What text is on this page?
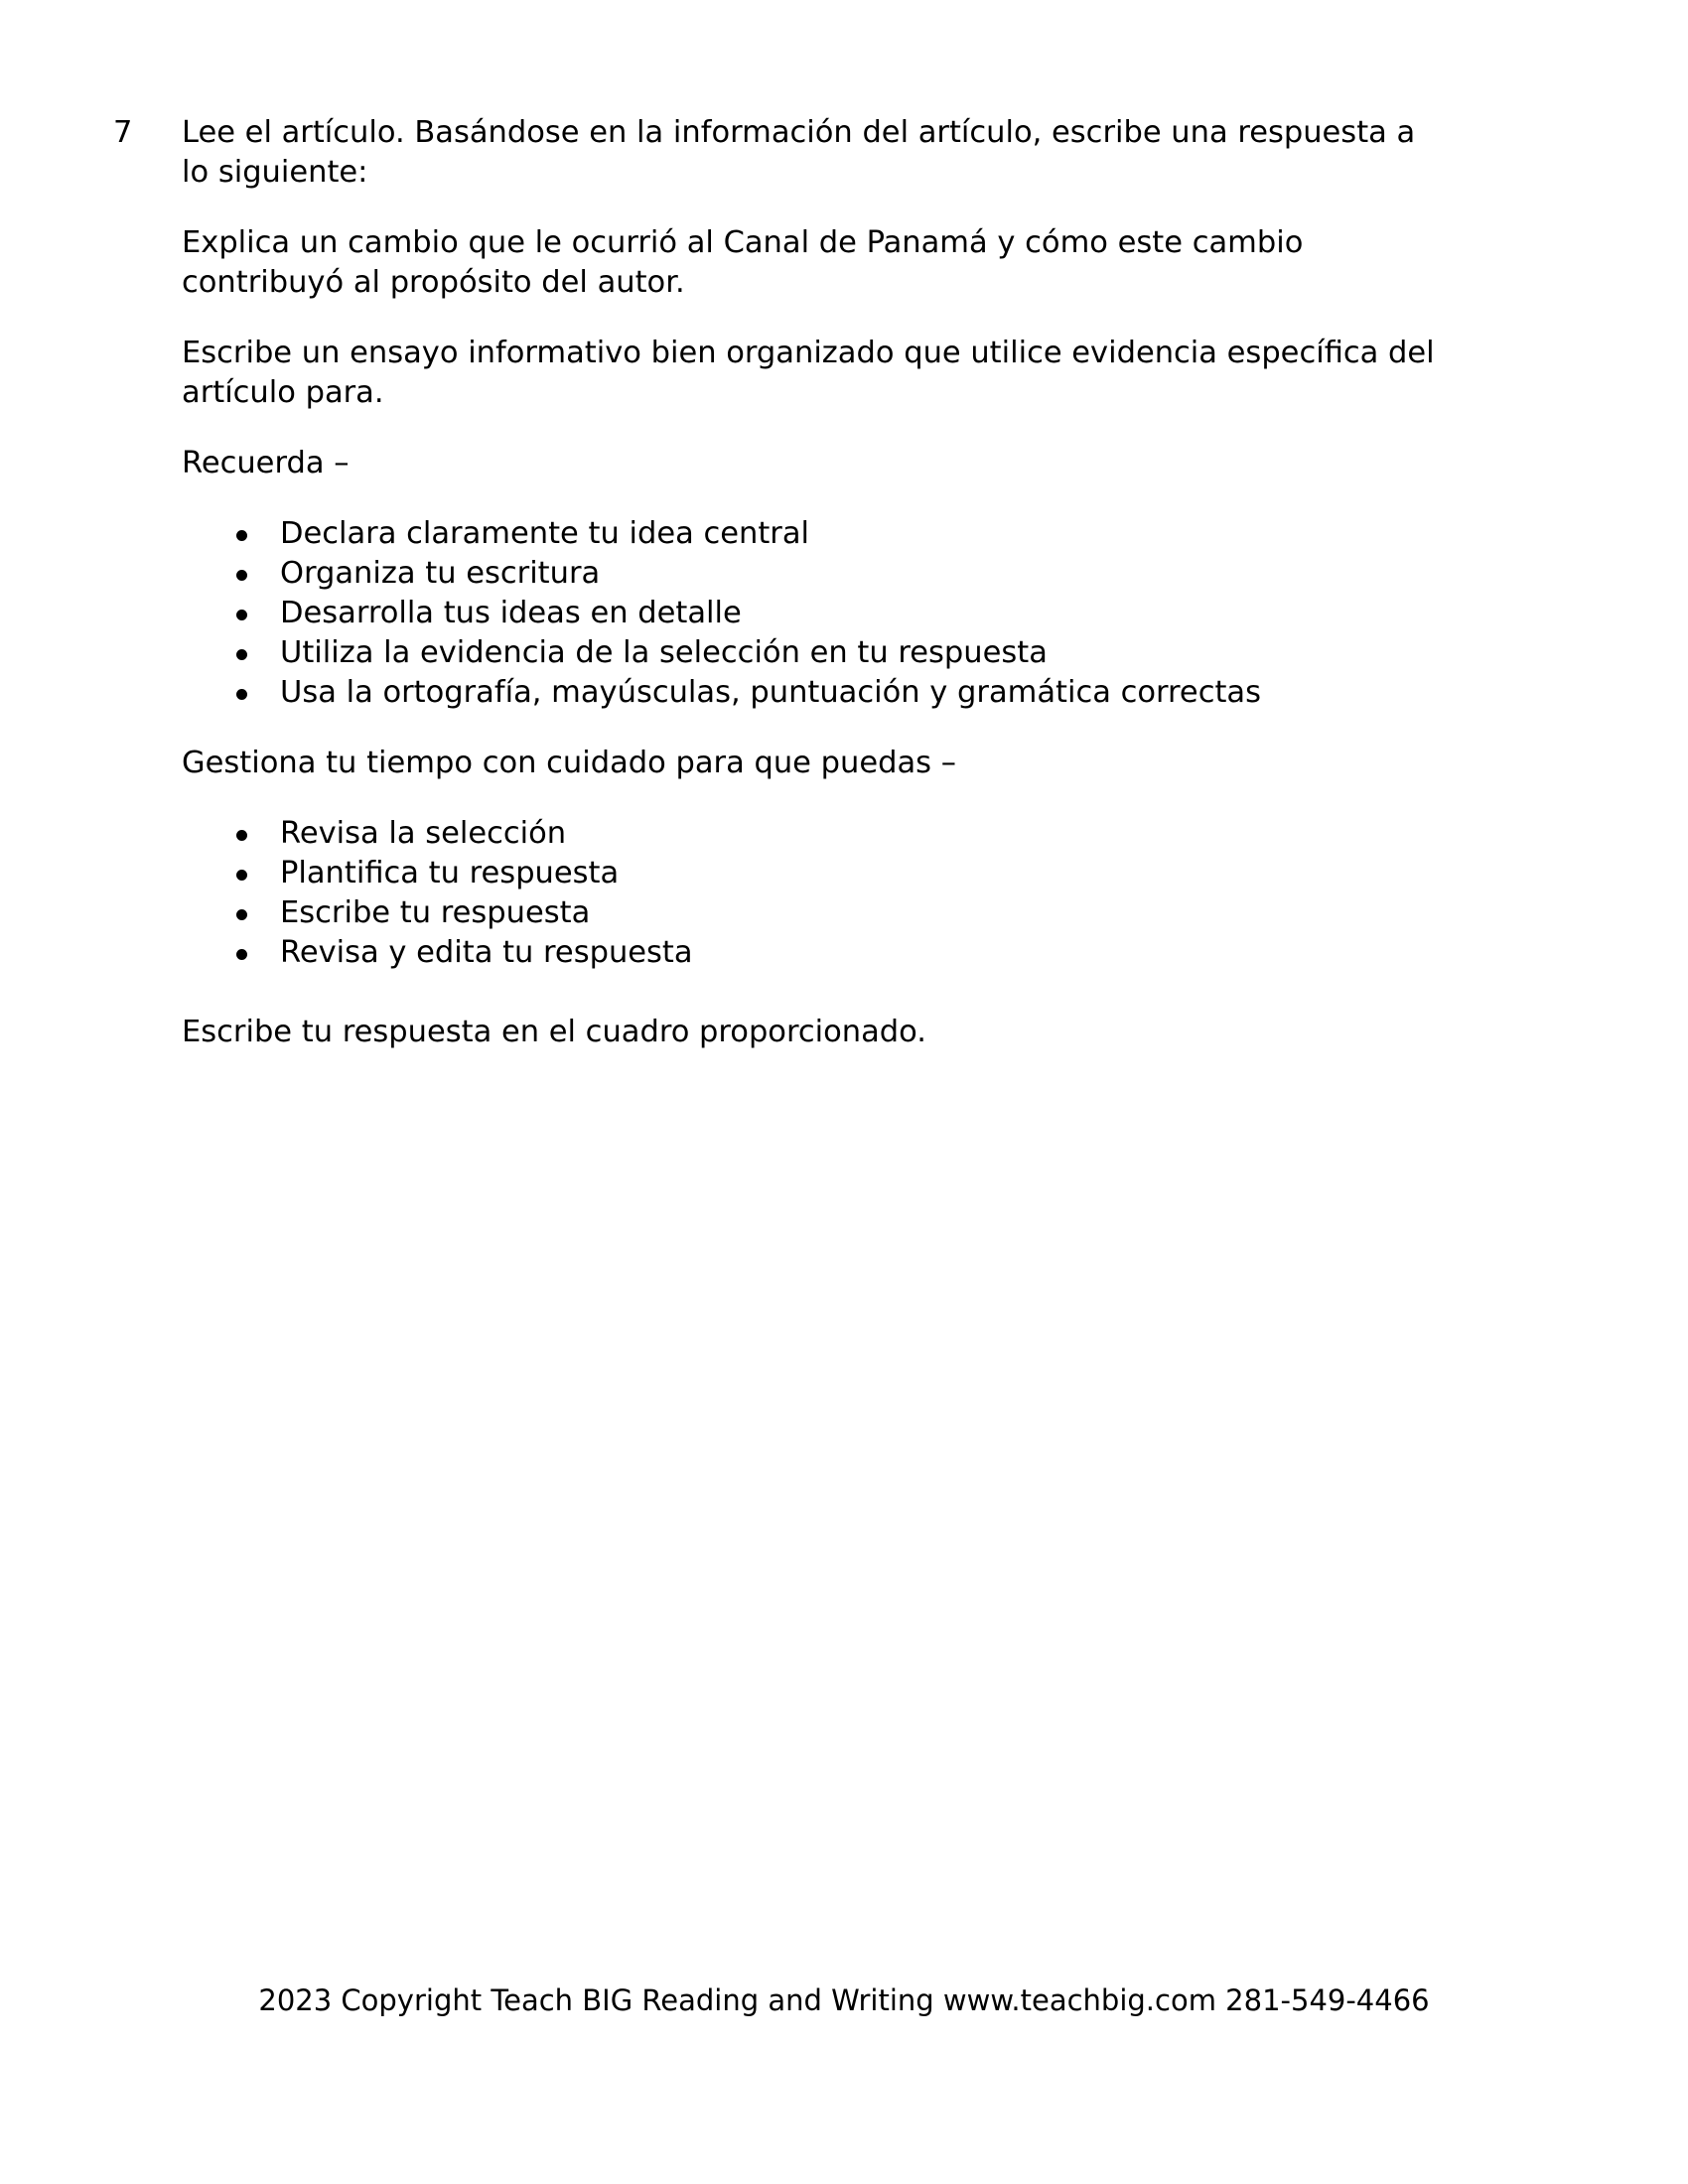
7 Lee el artículo. Basándose en la información del artículo, escribe una respuesta a
lo siguiente:

Explica un cambio que le ocurrió al Canal de Panamá y cómo este cambio
contribuyó al propósito del autor.

Escribe un ensayo informativo bien organizado que utilice evidencia específica del
artículo para.

Recuerda –

Declara claramente tu idea central
Organiza tu escritura
Desarrolla tus ideas en detalle
Utiliza la evidencia de la selección en tu respuesta
Usa la ortografía, mayúsculas, puntuación y gramática correctas

Gestiona tu tiempo con cuidado para que puedas –

Revisa la selección
Plantifica tu respuesta
Escribe tu respuesta
Revisa y edita tu respuesta

Escribe tu respuesta en el cuadro proporcionado.

2023 Copyright Teach BIG Reading and Writing www.teachbig.com 281-549-4466
